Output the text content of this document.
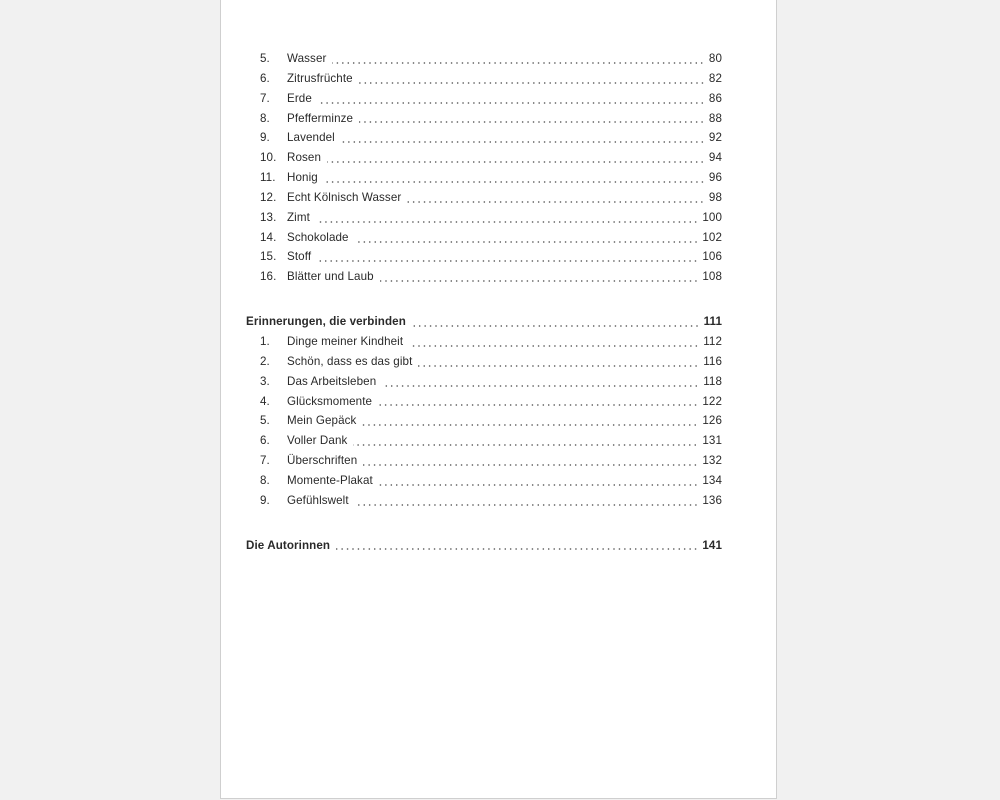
5.	Wasser	80
6.	Zitrusfrüchte	82
7.	Erde	86
8.	Pfefferminze	88
9.	Lavendel	92
10. Rosen	94
11. Honig	96
12. Echt Kölnisch Wasser	98
13. Zimt	100
14. Schokolade	102
15. Stoff	106
16. Blätter und Laub	108
Erinnerungen, die verbinden	111
1.	Dinge meiner Kindheit	112
2.	Schön, dass es das gibt	116
3.	Das Arbeitsleben	118
4.	Glücksmomente	122
5.	Mein Gepäck	126
6.	Voller Dank	131
7.	Überschriften	132
8.	Momente-Plakat	134
9.	Gefühlswelt	136
Die Autorinnen	141
